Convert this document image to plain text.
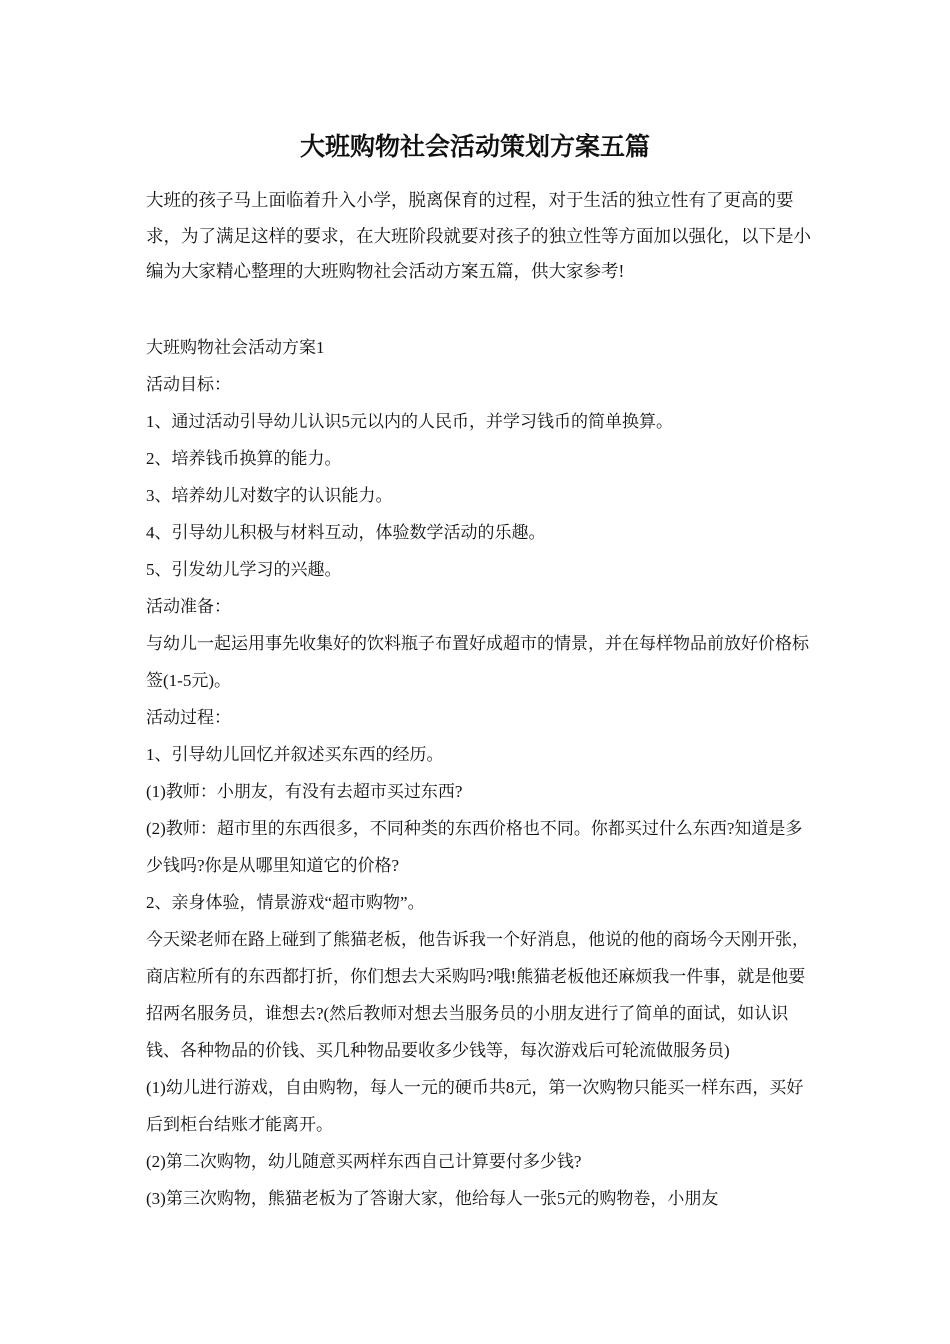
大班购物社会活动策划方案五篇

大班的孩子马上面临着升入小学，脱离保育的过程，对于生活的独立性有了更高的要求，为了满足这样的要求，在大班阶段就要对孩子的独立性等方面加以强化，以下是小编为大家精心整理的大班购物社会活动方案五篇，供大家参考!

大班购物社会活动方案1
活动目标：
1、通过活动引导幼儿认识5元以内的人民币，并学习钱币的简单换算。
2、培养钱币换算的能力。
3、培养幼儿对数字的认识能力。
4、引导幼儿积极与材料互动，体验数学活动的乐趣。
5、引发幼儿学习的兴趣。
活动准备：
与幼儿一起运用事先收集好的饮料瓶子布置好成超市的情景，并在每样物品前放好价格标签(1-5元)。
活动过程：
1、引导幼儿回忆并叙述买东西的经历。
(1)教师：小朋友，有没有去超市买过东西?
(2)教师：超市里的东西很多，不同种类的东西价格也不同。你都买过什么东西?知道是多少钱吗?你是从哪里知道它的价格?
2、亲身体验，情景游戏“超市购物”。
今天梁老师在路上碰到了熊猫老板，他告诉我一个好消息，他说的他的商场今天刚开张，商店粒所有的东西都打折，你们想去大采购吗?哦!熊猫老板他还麻烦我一件事，就是他要招两名服务员，谁想去?(然后教师对想去当服务员的小朋友进行了简单的面试，如认识钱、各种物品的价钱、买几种物品要收多少钱等，每次游戏后可轮流做服务员)
(1)幼儿进行游戏，自由购物，每人一元的硬币共8元，第一次购物只能买一样东西，买好后到柜台结账才能离开。
(2)第二次购物，幼儿随意买两样东西自己计算要付多少钱?
(3)第三次购物，熊猫老板为了答谢大家，他给每人一张5元的购物卷，小朋友
